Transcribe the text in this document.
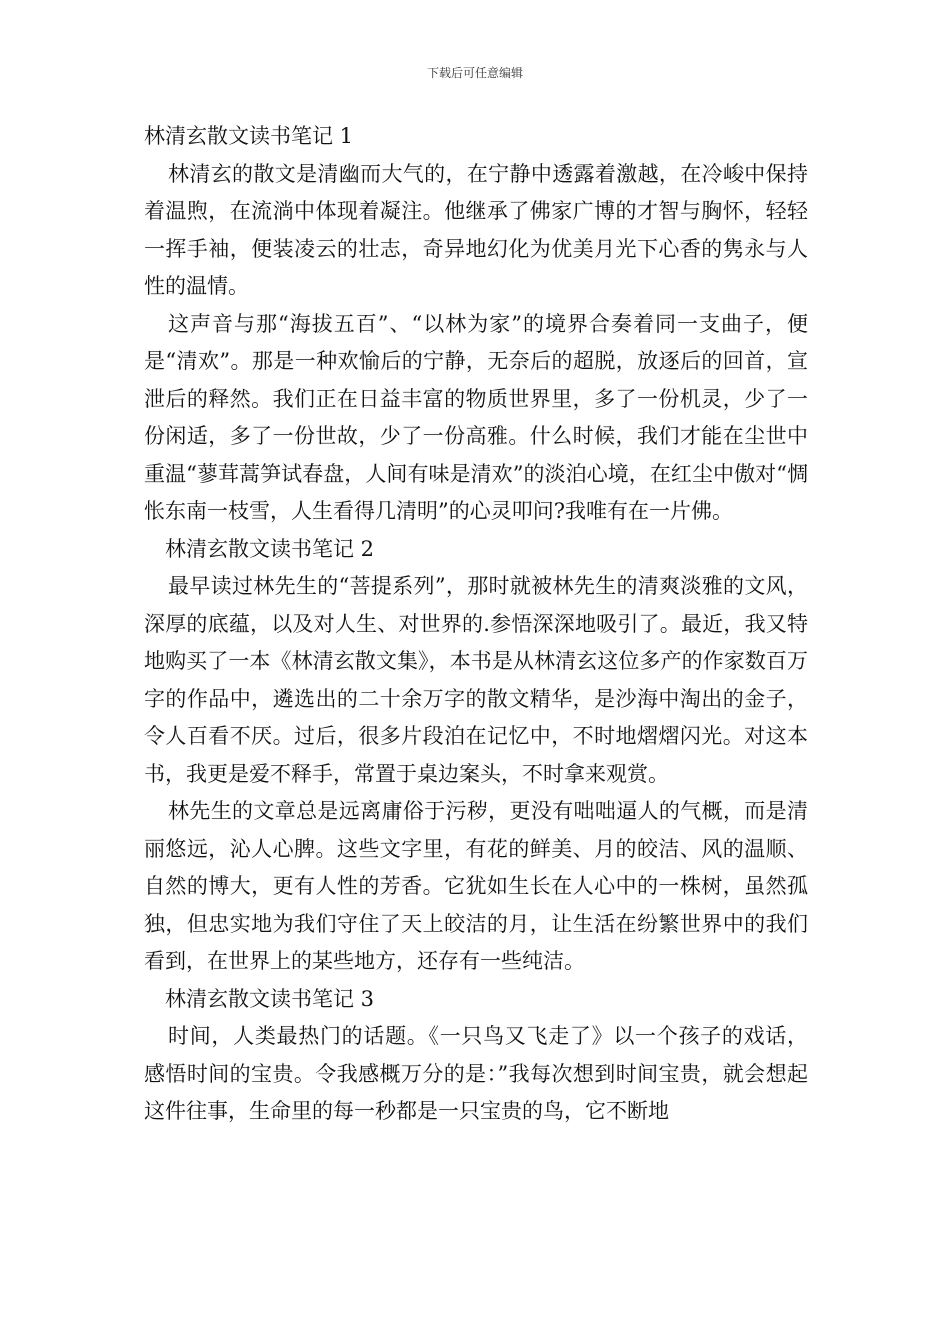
下载后可任意编辑

林清玄散文读书笔记 1

林清玄的散文是清幽而大气的，在宁静中透露着激越，在冷峻中保持着温煦，在流淌中体现着凝注。他继承了佛家广博的才智与胸怀，轻轻一挥手袖，便装凌云的壮志，奇异地幻化为优美月光下心香的隽永与人性的温情。

这声音与那“海拔五百”、“以林为家”的境界合奏着同一支曲子，便是“清欢”。那是一种欢愉后的宁静，无奈后的超脱，放逐后的回首，宣泄后的释然。我们正在日益丰富的物质世界里，多了一份机灵，少了一份闲适，多了一份世故，少了一份高雅。什么时候，我们才能在尘世中重温“蓼茸蒿笋试春盘，人间有味是清欢”的淡泊心境，在红尘中傲对“惆怅东南一枝雪，人生看得几清明”的心灵叩问?我唯有在一片佛。

林清玄散文读书笔记 2

最早读过林先生的“菩提系列”，那时就被林先生的清爽淡雅的文风，深厚的底蕴，以及对人生、对世界的.参悟深深地吸引了。最近，我又特地购买了一本《林清玄散文集》，本书是从林清玄这位多产的作家数百万字的作品中，遴选出的二十余万字的散文精华，是沙海中淘出的金子，令人百看不厌。过后，很多片段泊在记忆中，不时地熠熠闪光。对这本书，我更是爱不释手，常置于桌边案头，不时拿来观赏。

林先生的文章总是远离庸俗于污秽，更没有咄咄逼人的气概，而是清丽悠远，沁人心脾。这些文字里，有花的鲜美、月的皎洁、风的温顺、自然的博大，更有人性的芳香。它犹如生长在人心中的一株树，虽然孤独，但忠实地为我们守住了天上皎洁的月，让生活在纷繁世界中的我们看到，在世界上的某些地方，还存有一些纯洁。

林清玄散文读书笔记 3

时间，人类最热门的话题。《一只鸟又飞走了》以一个孩子的戏话，感悟时间的宝贵。令我感概万分的是：”我每次想到时间宝贵，就会想起这件往事，生命里的每一秒都是一只宝贵的鸟，它不断地
